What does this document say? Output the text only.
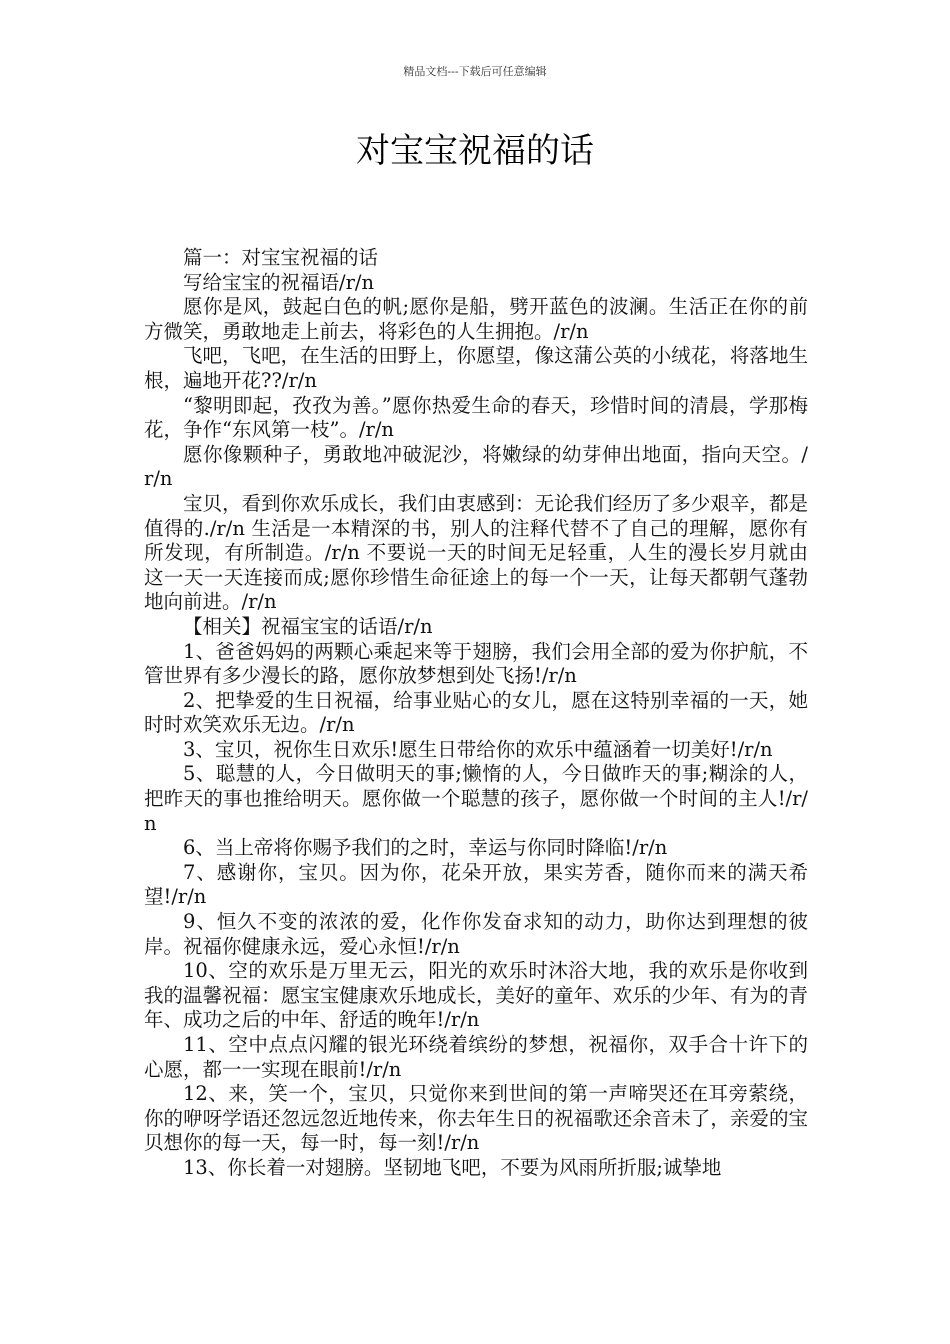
精品文档---下载后可任意编辑
对宝宝祝福的话

篇一：对宝宝祝福的话

写给宝宝的祝福语/r/n

愿你是风，鼓起白色的帆;愿你是船，劈开蓝色的波澜。生活正在你的前方微笑，勇敢地走上前去，将彩色的人生拥抱。/r/n

飞吧，飞吧，在生活的田野上，你愿望，像这蒲公英的小绒花，将落地生根，遍地开花??/r/n

“黎明即起，孜孜为善。”愿你热爱生命的春天，珍惜时间的清晨，学那梅花，争作“东风第一枝”。/r/n

愿你像颗种子，勇敢地冲破泥沙，将嫩绿的幼芽伸出地面，指向天空。/r/n

宝贝，看到你欢乐成长，我们由衷感到：无论我们经历了多少艰辛，都是值得的./r/n 生活是一本精深的书，别人的注释代替不了自己的理解，愿你有所发现，有所制造。/r/n 不要说一天的时间无足轻重，人生的漫长岁月就由这一天一天连接而成;愿你珍惜生命征途上的每一个一天，让每天都朝气蓬勃地向前进。/r/n

【相关】祝福宝宝的话语/r/n

1、爸爸妈妈的两颗心乘起来等于翅膀，我们会用全部的爱为你护航，不管世界有多少漫长的路，愿你放梦想到处飞扬!/r/n

2、把挚爱的生日祝福，给事业贴心的女儿，愿在这特别幸福的一天，她时时欢笑欢乐无边。/r/n

3、宝贝，祝你生日欢乐!愿生日带给你的欢乐中蕴涵着一切美好!/r/n

5、聪慧的人，今日做明天的事;懒惰的人，今日做昨天的事;糊涂的人，把昨天的事也推给明天。愿你做一个聪慧的孩子，愿你做一个时间的主人!/r/n

6、当上帝将你赐予我们的之时，幸运与你同时降临!/r/n

7、感谢你，宝贝。因为你，花朵开放，果实芳香，随你而来的满天希望!/r/n

9、恒久不变的浓浓的爱，化作你发奋求知的动力，助你达到理想的彼岸。祝福你健康永远，爱心永恒!/r/n

10、空的欢乐是万里无云，阳光的欢乐时沐浴大地，我的欢乐是你收到我的温馨祝福：愿宝宝健康欢乐地成长，美好的童年、欢乐的少年、有为的青年、成功之后的中年、舒适的晚年!/r/n

11、空中点点闪耀的银光环绕着缤纷的梦想，祝福你，双手合十许下的心愿，都一一实现在眼前!/r/n

12、来，笑一个，宝贝，只觉你来到世间的第一声啼哭还在耳旁萦绕，你的咿呀学语还忽远忽近地传来，你去年生日的祝福歌还余音未了，亲爱的宝贝想你的每一天，每一时，每一刻!/r/n

13、你长着一对翅膀。坚韧地飞吧，不要为风雨所折服;诚挚地
